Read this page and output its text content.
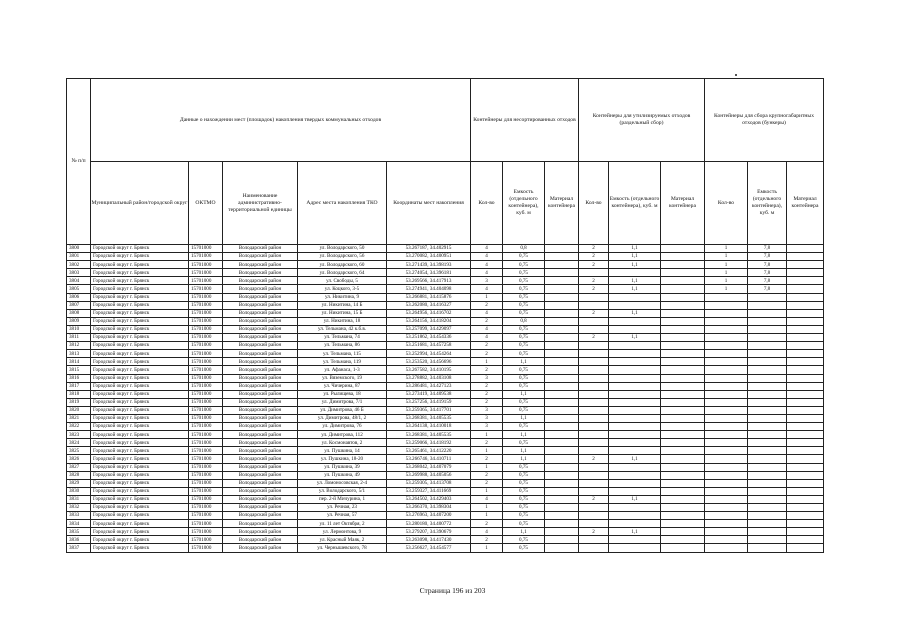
№ п/п	Данные о нахождении мест (площадок) накопления твердых коммунальных отходов					Контейнеры для несортированных отходов			Контейнеры для утилизируемых отходов (раздельный сбор)			Контейнеры для сбора крупногабаритных отходов (бункеры)		
	Муниципальный район/городской округ	ОКТМО	Наименование административно-территориальной единицы	Адрес места накопления ТКО	Координаты мест накопления	Кол-во	Емкость (отдельного контейнера), куб. м	Материал контейнера	Кол-во	Емкость (отдельного контейнера), куб. м	Материал контейнера	Кол-во	Емкость (отдельного контейнера), куб. м	Материал контейнера
3800	Городской округ г. Брянск	15701000	Володарский район	ул. Володарского, 50	53.267187, 34.402915	4	0,8		2	1,1		1	7,8	
3801	Городской округ г. Брянск	15701000	Володарский район	ул. Володарского, 56	53.270082, 34.400951	4	0,75		2	1,1		1	7,8	
3802	Городской округ г. Брянск	15701000	Володарский район	ул. Володарского, 60	53.271439, 34.398193	4	0,75		2	1,1		1	7,8	
3803	Городской округ г. Брянск	15701000	Володарский район	ул. Володарского, 64	53.274054, 34.396181	4	0,75					1	7,8	
3804	Городской округ г. Брянск	15701000	Володарский район	ул. Свободы, 5	53.269566, 34.417913	3	0,75		2	1,1		1	7,8	
3805	Городской округ г. Брянск	15701000	Володарский район	ул. Коцкого, 3-5	53.274941, 34.404098	4	0,75		2	1,1		1	7,8	
3806	Городской округ г. Брянск	15701000	Володарский район	ул. Никитина, 9	53.266881, 34.415876	1	0,75							
3807	Городской округ г. Брянск	15701000	Володарский район	ул. Никитина, 14 Б	53.262080, 34.416327	2	0,75							
3808	Городской округ г. Брянск	15701000	Володарский район	ул. Никитина, 15 Б	53.264956, 34.416702	4	0,75		2	1,1				
3809	Городской округ г. Брянск	15701000	Володарский район	ул. Никитина, 18	53.264156, 34.418204	2	0,8							
3810	Городской округ г. Брянск	15701000	Володарский район	ул. Тельмана, 42 к.б.в.	53.257099, 34.429097	4	0,75							
3811	Городской округ г. Брянск	15701000	Володарский район	ул. Тельмана, 74	53.251862, 34.454336	4	0,75		2	1,1				
3812	Городской округ г. Брянск	15701000	Володарский район	ул. Тельмана, 86	53.251681, 34.457258	2	0,75							
3813	Городской округ г. Брянск	15701000	Володарский район	ул. Тельмана, 115	53.252994, 34.454264	2	0,75							
3814	Городской округ г. Брянск	15701000	Володарский район	ул. Тельмана, 119	53.253520, 34.456696	1	1,1							
3815	Городской округ г. Брянск	15701000	Володарский район	ул. Афанаса, 1-3	53.267582, 34.410195	2	0,75							
3816	Городской округ г. Брянск	15701000	Володарский район	ул. Вяземского, 19	53.278882, 34.403108	3	0,75							
3817	Городской округ г. Брянск	15701000	Володарский район	ул. Чичерина, 87	53.286481, 34.427123	2	0,75							
3818	Городской округ г. Брянск	15701000	Володарский район	ул. Рылищева, 18	53.273419, 34.409538	2	1,1							
3819	Городской округ г. Брянск	15701000	Володарский район	ул. Димитрова, 7/1	53.257256, 34.419159	2	0,75							
3820	Городской округ г. Брянск	15701000	Володарский район	ул. Димитрова, 46 Б	53.259365, 34.417701	3	0,75							
3821	Городской округ г. Брянск	15701000	Володарский район	ул. Димитрова, 48/1, 2	53.268381, 34.405535	3	1,1							
3822	Городской округ г. Брянск	15701000	Володарский район	ул. Димитрова, 76	53.264138, 34.410018	3	0,75							
3823	Городской округ г. Брянск	15701000	Володарский район	ул. Димитрова, 112	53.268381, 34.405535	1	1,1							
3824	Городской округ г. Брянск	15701000	Володарский район	ул. Космонавтов, 2	53.259066, 34.418192	2	0,75							
3825	Городской округ г. Брянск	15701000	Володарский район	ул. Пушкина, 14	53.265461, 34.412220	1	1,1							
3826	Городской округ г. Брянск	15701000	Володарский район	ул. Пушкина, 18-20	53.266746, 34.410711	2	1,1		2	1,1				
3827	Городской округ г. Брянск	15701000	Володарский район	ул. Пушкина, 39	53.268042, 34.407079	1	0,75							
3828	Городской округ г. Брянск	15701000	Володарский район	ул. Пушкина, 49	53.269988, 34.405056	2	0,75							
3829	Городской округ г. Брянск	15701000	Володарский район	ул. Ломоносовская, 2-4	53.259305, 34.413708	2	0,75							
3830	Городской округ г. Брянск	15701000	Володарский район	ул. Володарского, 5/1	53.259327, 34.411669	1	0,75							
3831	Городской округ г. Брянск	15701000	Володарский район	пер. 2-й Мичурина, 1	53.264502, 34.429403	4	0,75		2	1,1				
3832	Городской округ г. Брянск	15701000	Володарский район	ул. Речная, 23	53.266370, 34.398304	1	0,75							
3833	Городской округ г. Брянск	15701000	Володарский район	ул. Речная, 57	53.276963, 34.407200	1	0,75							
3834	Городской округ г. Брянск	15701000	Володарский район	ул. 11 лет Октября, 2	53.280180, 34.400772	2	0,75							
3835	Городской округ г. Брянск	15701000	Володарский район	ул. Лермонтова, 9	53.279207, 34.390679	4	1,1		2	1,1				
3836	Городской округ г. Брянск	15701000	Володарский район	ул. Красный Маяк, 2	53.263098, 34.417430	2	0,75							
3837	Городской округ г. Брянск	15701000	Володарский район	ул. Чернышевского, 78	53.256627, 34.454577	1	0,75							
Страница 196 из 203
